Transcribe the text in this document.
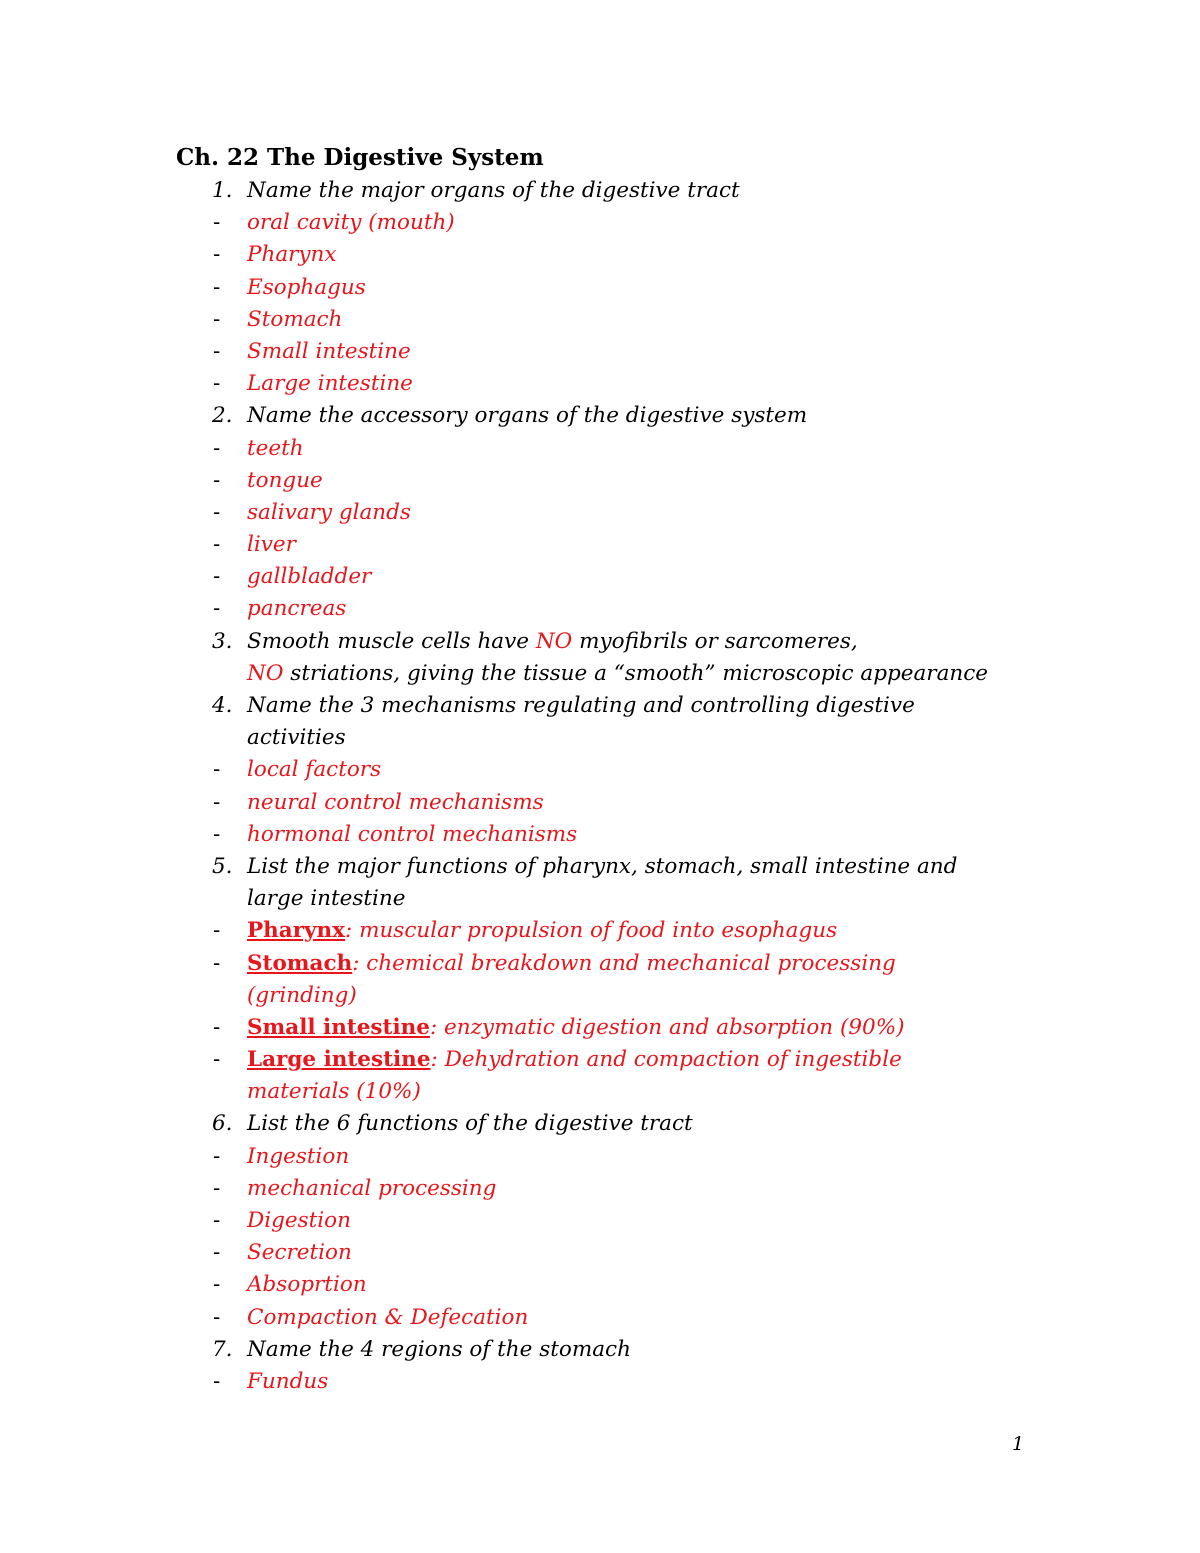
Ch. 22 The Digestive System
1. Name the major organs of the digestive tract
- oral cavity (mouth)
- Pharynx
- Esophagus
- Stomach
- Small intestine
- Large intestine
2. Name the accessory organs of the digestive system
- teeth
- tongue
- salivary glands
- liver
- gallbladder
- pancreas
3. Smooth muscle cells have NO myofibrils or sarcomeres,
NO striations, giving the tissue a “smooth” microscopic appearance
4. Name the 3 mechanisms regulating and controlling digestive
activities
- local factors
- neural control mechanisms
- hormonal control mechanisms
5. List the major functions of pharynx, stomach, small intestine and
large intestine
- Pharynx: muscular propulsion of food into esophagus
- Stomach: chemical breakdown and mechanical processing
(grinding)
- Small intestine: enzymatic digestion and absorption (90%)
- Large intestine: Dehydration and compaction of ingestible
materials (10%)
6. List the 6 functions of the digestive tract
- Ingestion
- mechanical processing
- Digestion
- Secretion
- Absoprtion
- Compaction & Defecation
7. Name the 4 regions of the stomach
- Fundus
1
